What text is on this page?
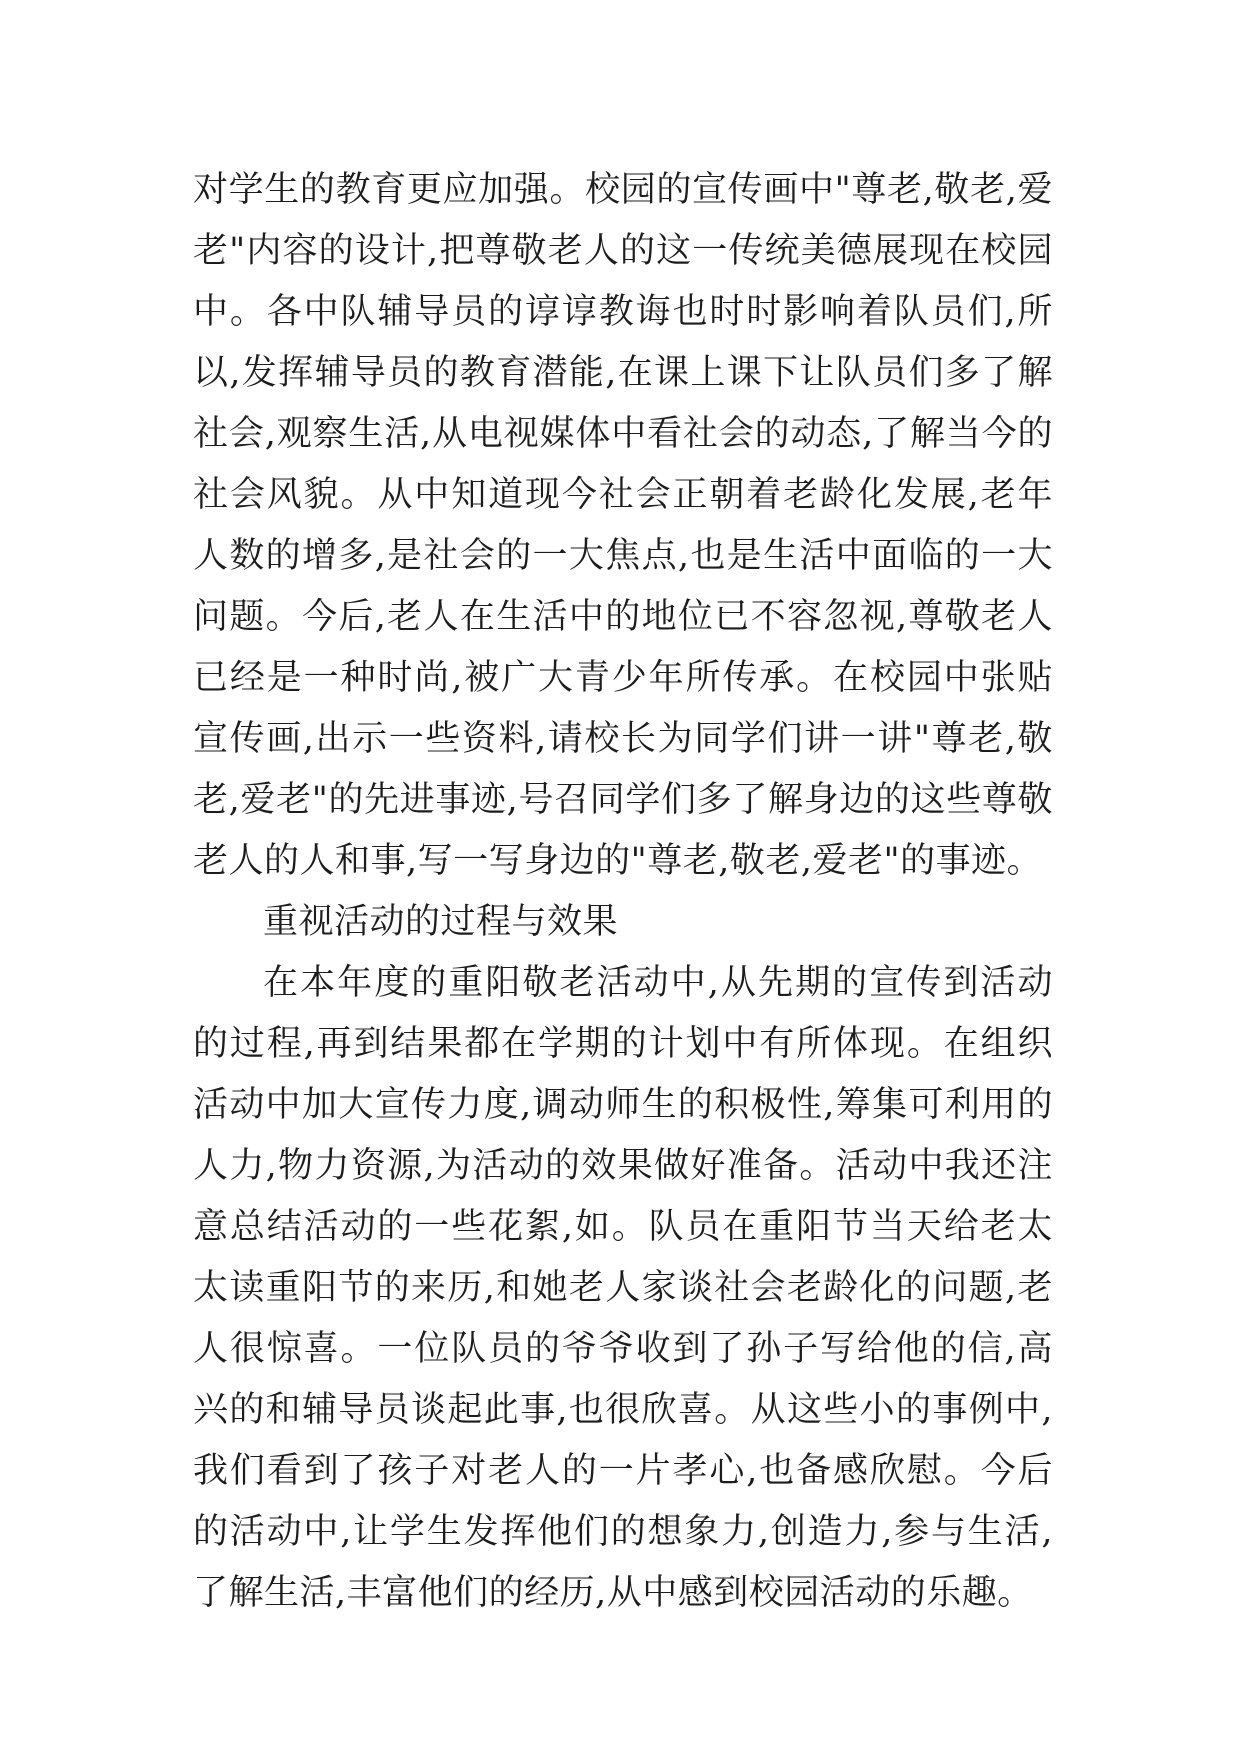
对学生的教育更应加强。校园的宣传画中"尊老,敬老,爱老"内容的设计,把尊敬老人的这一传统美德展现在校园中。各中队辅导员的谆谆教诲也时时影响着队员们,所以,发挥辅导员的教育潜能,在课上课下让队员们多了解社会,观察生活,从电视媒体中看社会的动态,了解当今的社会风貌。从中知道现今社会正朝着老龄化发展,老年人数的增多,是社会的一大焦点,也是生活中面临的一大问题。今后,老人在生活中的地位已不容忽视,尊敬老人已经是一种时尚,被广大青少年所传承。在校园中张贴宣传画,出示一些资料,请校长为同学们讲一讲"尊老,敬老,爱老"的先进事迹,号召同学们多了解身边的这些尊敬老人的人和事,写一写身边的"尊老,敬老,爱老"的事迹。

重视活动的过程与效果

在本年度的重阳敬老活动中,从先期的宣传到活动的过程,再到结果都在学期的计划中有所体现。在组织活动中加大宣传力度,调动师生的积极性,筹集可利用的人力,物力资源,为活动的效果做好准备。活动中我还注意总结活动的一些花絮,如。队员在重阳节当天给老太太读重阳节的来历,和她老人家谈社会老龄化的问题,老人很惊喜。一位队员的爷爷收到了孙子写给他的信,高兴的和辅导员谈起此事,也很欣喜。从这些小的事例中,我们看到了孩子对老人的一片孝心,也备感欣慰。今后的活动中,让学生发挥他们的想象力,创造力,参与生活,了解生活,丰富他们的经历,从中感到校园活动的乐趣。
